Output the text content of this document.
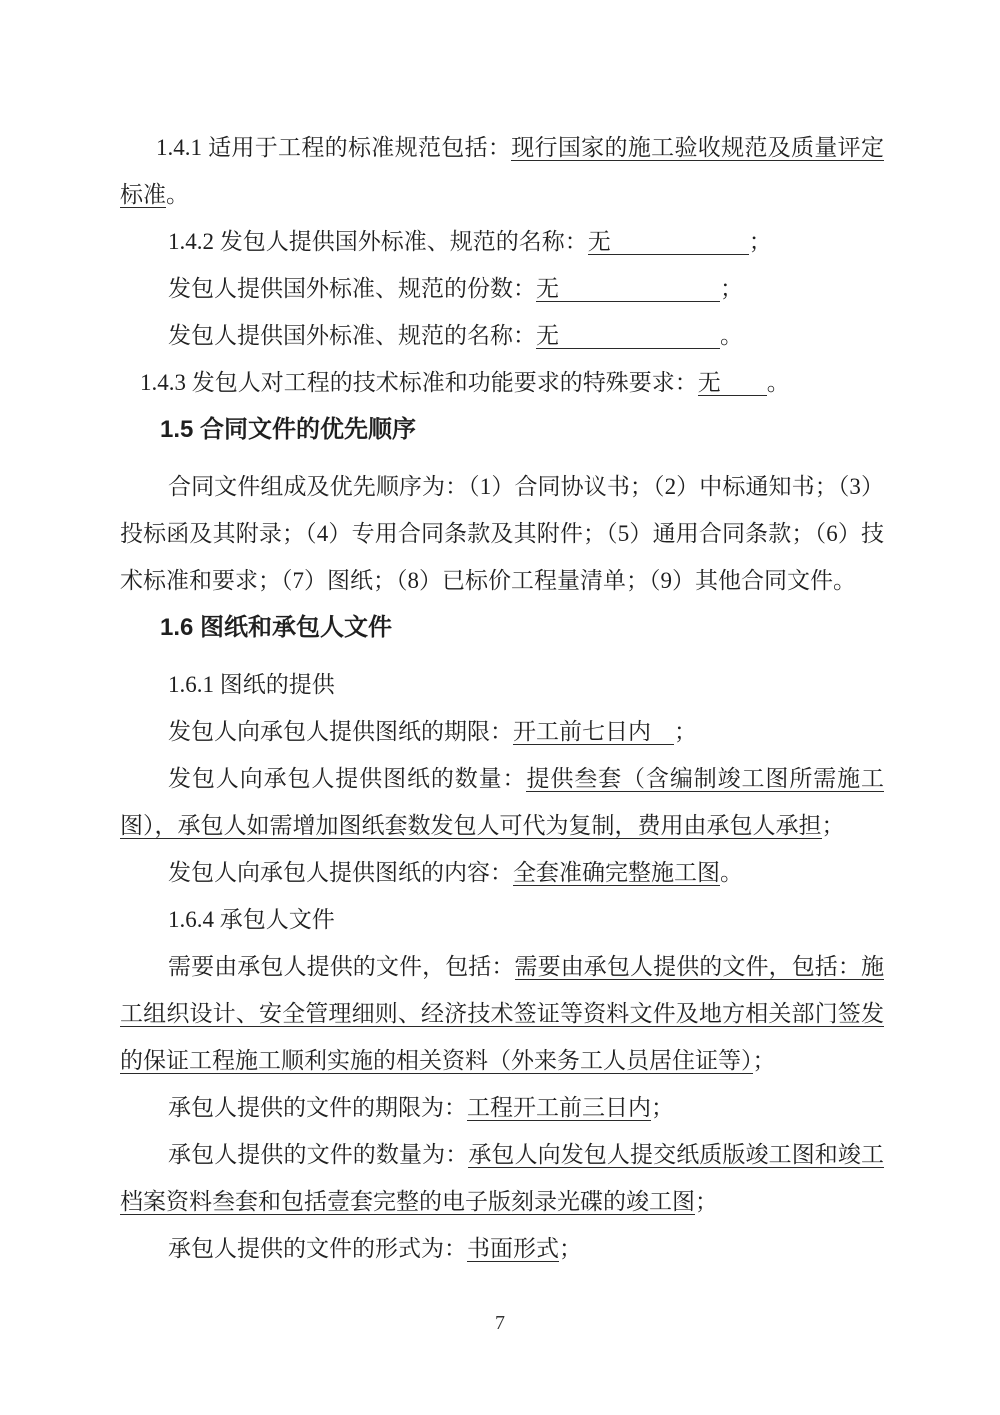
1.4.1 适用于工程的标准规范包括：现行国家的施工验收规范及质量评定标准。

1.4.2 发包人提供国外标准、规范的名称：无　　　　　　；

发包人提供国外标准、规范的份数：无　　　　　　　；

发包人提供国外标准、规范的名称：无　　　　　　　。

1.4.3 发包人对工程的技术标准和功能要求的特殊要求：无　　。

1.5 合同文件的优先顺序

合同文件组成及优先顺序为：（1）合同协议书；（2）中标通知书；（3）投标函及其附录；（4）专用合同条款及其附件；（5）通用合同条款；（6）技术标准和要求；（7）图纸；（8）已标价工程量清单；（9）其他合同文件。

1.6 图纸和承包人文件

1.6.1 图纸的提供

发包人向承包人提供图纸的期限：开工前七日内　；

发包人向承包人提供图纸的数量：提供叁套（含编制竣工图所需施工图），承包人如需增加图纸套数发包人可代为复制，费用由承包人承担；

发包人向承包人提供图纸的内容：全套准确完整施工图。

1.6.4 承包人文件

需要由承包人提供的文件，包括：需要由承包人提供的文件，包括：施工组织设计、安全管理细则、经济技术签证等资料文件及地方相关部门签发的保证工程施工顺利实施的相关资料（外来务工人员居住证等）；

承包人提供的文件的期限为：工程开工前三日内；

承包人提供的文件的数量为：承包人向发包人提交纸质版竣工图和竣工档案资料叁套和包括壹套完整的电子版刻录光碟的竣工图；

承包人提供的文件的形式为：书面形式；

7
